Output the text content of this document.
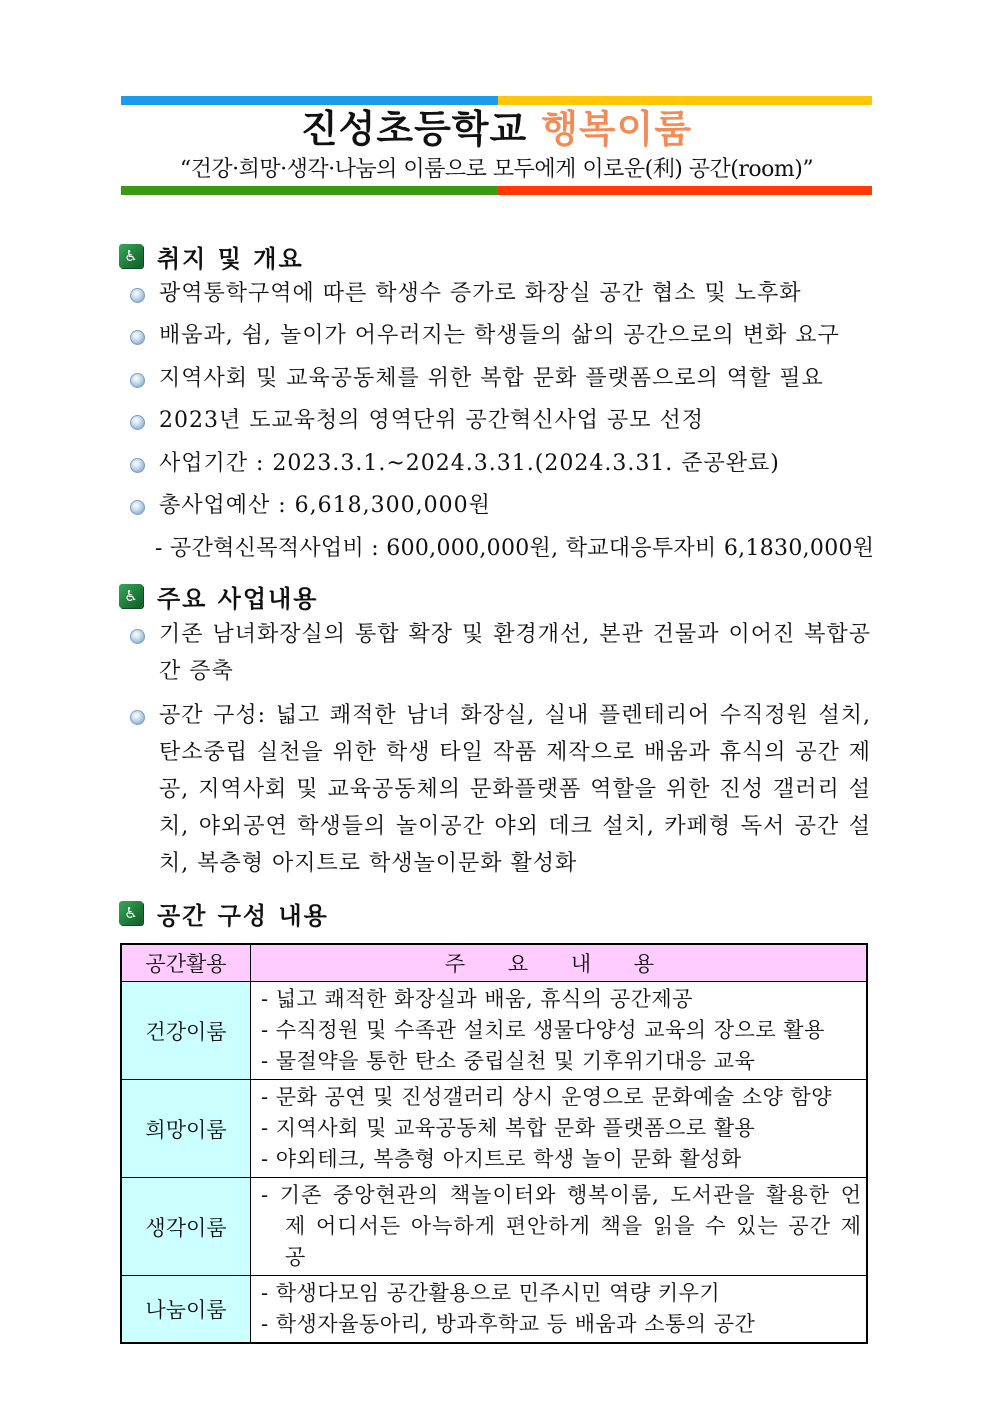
진성초등학교 행복이룸
“건강·희망·생각·나눔의 이룸으로 모두에게 이로운(利) 공간(room)”
♿
취지 및 개요
광역통학구역에 따른 학생수 증가로 화장실 공간 협소 및 노후화
배움과, 쉼, 놀이가 어우러지는 학생들의 삶의 공간으로의 변화 요구
지역사회 및 교육공동체를 위한 복합 문화 플랫폼으로의 역할 필요
2023년 도교육청의 영역단위 공간혁신사업 공모 선정
사업기간 : 2023.3.1.~2024.3.31.(2024.3.31. 준공완료)
총사업예산 : 6,618,300,000원
- 공간혁신목적사업비 : 600,000,000원, 학교대응투자비 6,1830,000원
♿
주요 사업내용
기존 남녀화장실의 통합 확장 및 환경개선, 본관 건물과 이어진 복합공간 증축
공간 구성: 넓고 쾌적한 남녀 화장실, 실내 플렌테리어 수직정원 설치, 탄소중립 실천을 위한 학생 타일 작품 제작으로 배움과 휴식의 공간 제공, 지역사회 및 교육공동체의 문화플랫폼 역할을 위한 진성 갤러리 설치, 야외공연 학생들의 놀이공간 야외 데크 설치, 카페형 독서 공간 설치, 복층형 아지트로 학생놀이문화 활성화
♿
공간 구성 내용
공간활용	주 요 내 용
건강이룸	- 넓고 쾌적한 화장실과 배움, 휴식의 공간제공
- 수직정원 및 수족관 설치로 생물다양성 교육의 장으로 활용
- 물절약을 통한 탄소 중립실천 및 기후위기대응 교육

희망이룸	- 문화 공연 및 진성갤러리 상시 운영으로 문화예술 소양 함양
- 지역사회 및 교육공동체 복합 문화 플랫폼으로 활용
- 야외테크, 복층형 아지트로 학생 놀이 문화 활성화

생각이룸	- 기존 중앙현관의 책놀이터와 행복이룸, 도서관을 활용한 언제 어디서든 아늑하게 편안하게 책을 읽을 수 있는 공간 제공

나눔이룸	- 학생다모임 공간활용으로 민주시민 역량 키우기
- 학생자율동아리, 방과후학교 등 배움과 소통의 공간
